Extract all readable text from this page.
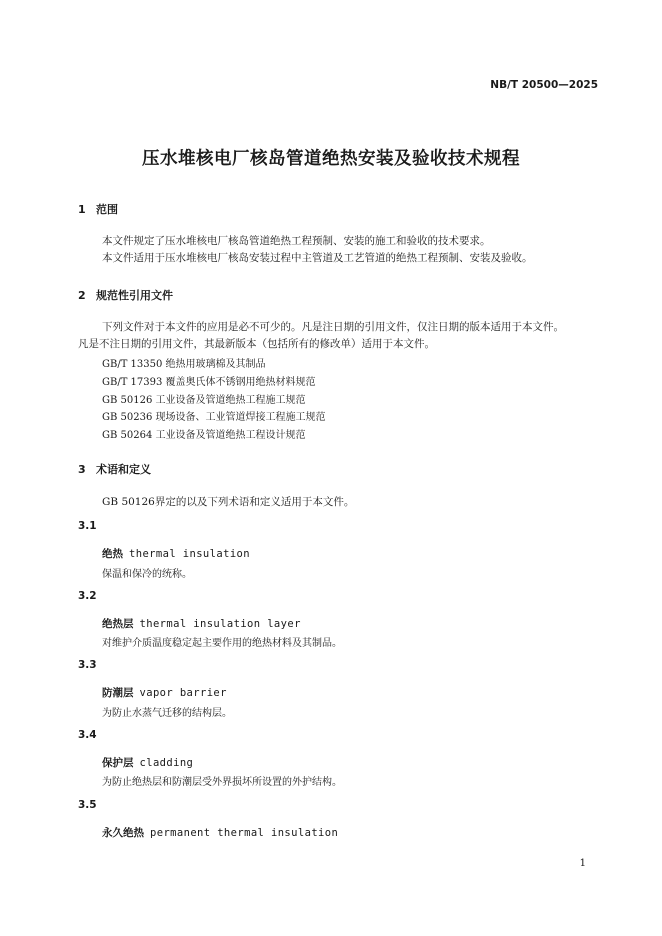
NB/T 20500—2025
压水堆核电厂核岛管道绝热安装及验收技术规程
1 范围
本文件规定了压水堆核电厂核岛管道绝热工程预制、安装的施工和验收的技术要求。
本文件适用于压水堆核电厂核岛安装过程中主管道及工艺管道的绝热工程预制、安装及验收。
2 规范性引用文件
下列文件对于本文件的应用是必不可少的。凡是注日期的引用文件，仅注日期的版本适用于本文件。
凡是不注日期的引用文件，其最新版本（包括所有的修改单）适用于本文件。
GB/T 13350 绝热用玻璃棉及其制品
GB/T 17393 覆盖奥氏体不锈钢用绝热材料规范
GB 50126 工业设备及管道绝热工程施工规范
GB 50236 现场设备、工业管道焊接工程施工规范
GB 50264 工业设备及管道绝热工程设计规范
3 术语和定义
GB 50126界定的以及下列术语和定义适用于本文件。
3.1
绝热 thermal insulation
保温和保冷的统称。
3.2
绝热层 thermal insulation layer
对维护介质温度稳定起主要作用的绝热材料及其制品。
3.3
防潮层 vapor barrier
为防止水蒸气迁移的结构层。
3.4
保护层 cladding
为防止绝热层和防潮层受外界损坏所设置的外护结构。
3.5
永久绝热 permanent thermal insulation
1
